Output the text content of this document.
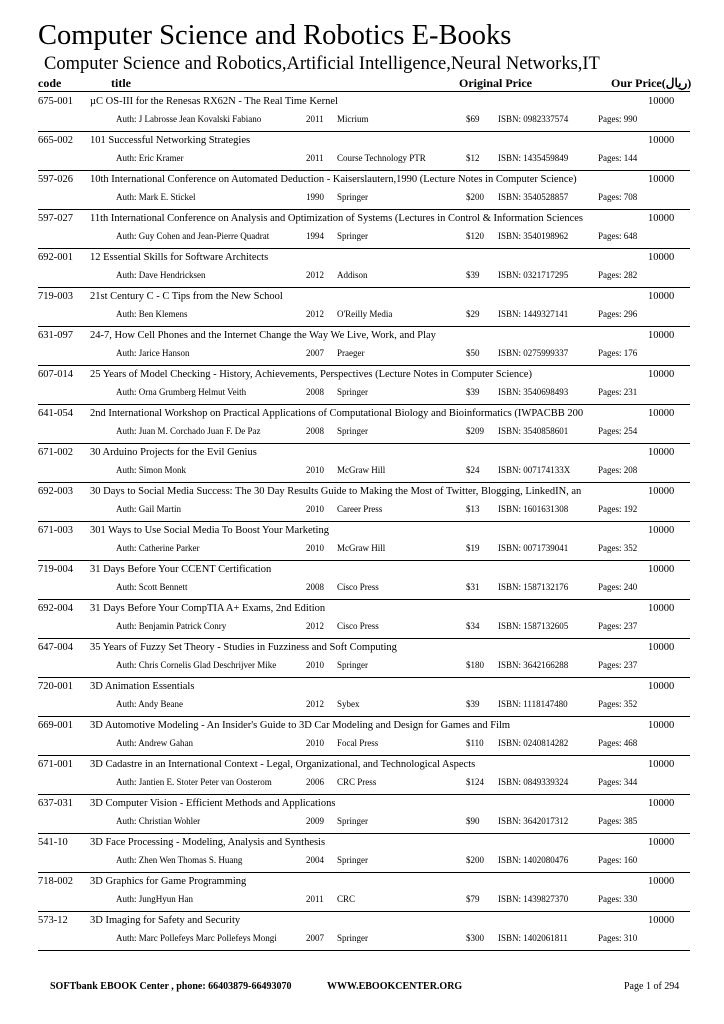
Computer Science and Robotics E-Books
Computer Science and Robotics,Artificial Intelligence,Neural Networks,IT
code	title	Original Price	Our Price(ریال)
675-001 µC OS-III for the Renesas RX62N - The Real Time Kernel	10000
Auth: J Labrosse Jean Kovalski Fabiano	2011 Micrium	$69 ISBN: 0982337574	Pages: 990
665-002 101 Successful Networking Strategies	10000
Auth: Eric Kramer	2011 Course Technology PTR	$12 ISBN: 1435459849	Pages: 144
597-026 10th International Conference on Automated Deduction - Kaiserslautern,1990 (Lecture Notes in Computer Science)	10000
Auth: Mark E. Stickel	1990 Springer	$200 ISBN: 3540528857	Pages: 708
597-027 11th International Conference on Analysis and Optimization of Systems (Lectures in Control & Information Sciences	10000
Auth: Guy Cohen and Jean-Pierre Quadrat	1994 Springer	$120 ISBN: 3540198962	Pages: 648
692-001 12 Essential Skills for Software Architects	10000
Auth: Dave Hendricksen	2012 Addison	$39 ISBN: 0321717295	Pages: 282
719-003 21st Century C - C Tips from the New School	10000
Auth: Ben Klemens	2012 O'Reilly Media	$29 ISBN: 1449327141	Pages: 296
631-097 24-7, How Cell Phones and the Internet Change the Way We Live, Work, and Play	10000
Auth: Jarice Hanson	2007 Praeger	$50 ISBN: 0275999337	Pages: 176
607-014 25 Years of Model Checking - History, Achievements, Perspectives (Lecture Notes in Computer Science)	10000
Auth: Orna Grumberg Helmut Veith	2008 Springer	$39 ISBN: 3540698493	Pages: 231
641-054 2nd International Workshop on Practical Applications of Computational Biology and Bioinformatics (IWPACBB 200	10000
Auth: Juan M. Corchado Juan F. De Paz	2008 Springer	$209 ISBN: 3540858601	Pages: 254
671-002 30 Arduino Projects for the Evil Genius	10000
Auth: Simon Monk	2010 McGraw Hill	$24 ISBN: 007174133X	Pages: 208
692-003 30 Days to Social Media Success: The 30 Day Results Guide to Making the Most of Twitter, Blogging, LinkedIN, an	10000
Auth: Gail Martin	2010 Career Press	$13 ISBN: 1601631308	Pages: 192
671-003 301 Ways to Use Social Media To Boost Your Marketing	10000
Auth: Catherine Parker	2010 McGraw Hill	$19 ISBN: 0071739041	Pages: 352
719-004 31 Days Before Your CCENT Certification	10000
Auth: Scott Bennett	2008 Cisco Press	$31 ISBN: 1587132176	Pages: 240
692-004 31 Days Before Your CompTIA A+ Exams, 2nd Edition	10000
Auth: Benjamin Patrick Conry	2012 Cisco Press	$34 ISBN: 1587132605	Pages: 237
647-004 35 Years of Fuzzy Set Theory - Studies in Fuzziness and Soft Computing	10000
Auth: Chris Cornelis Glad Deschrijver Mike	2010 Springer	$180 ISBN: 3642166288	Pages: 237
720-001 3D Animation Essentials	10000
Auth: Andy Beane	2012 Sybex	$39 ISBN: 1118147480	Pages: 352
669-001 3D Automotive Modeling - An Insider's Guide to 3D Car Modeling and Design for Games and Film	10000
Auth: Andrew Gahan	2010 Focal Press	$110 ISBN: 0240814282	Pages: 468
671-001 3D Cadastre in an International Context - Legal, Organizational, and Technological Aspects	10000
Auth: Jantien E. Stoter Peter van Oosterom	2006 CRC Press	$124 ISBN: 0849339324	Pages: 344
637-031 3D Computer Vision - Efficient Methods and Applications	10000
Auth: Christian Wohler	2009 Springer	$90 ISBN: 3642017312	Pages: 385
541-10 3D Face Processing - Modeling, Analysis and Synthesis	10000
Auth: Zhen Wen Thomas S. Huang	2004 Springer	$200 ISBN: 1402080476	Pages: 160
718-002 3D Graphics for Game Programming	10000
Auth: JungHyun Han	2011 CRC	$79 ISBN: 1439827370	Pages: 330
573-12 3D Imaging for Safety and Security	10000
Auth: Marc Pollefeys Marc Pollefeys Mongi	2007 Springer	$300 ISBN: 1402061811	Pages: 310
SOFTbank EBOOK Center , phone: 66403879-66493070	WWW.EBOOKCENTER.ORG	Page 1 of 294
